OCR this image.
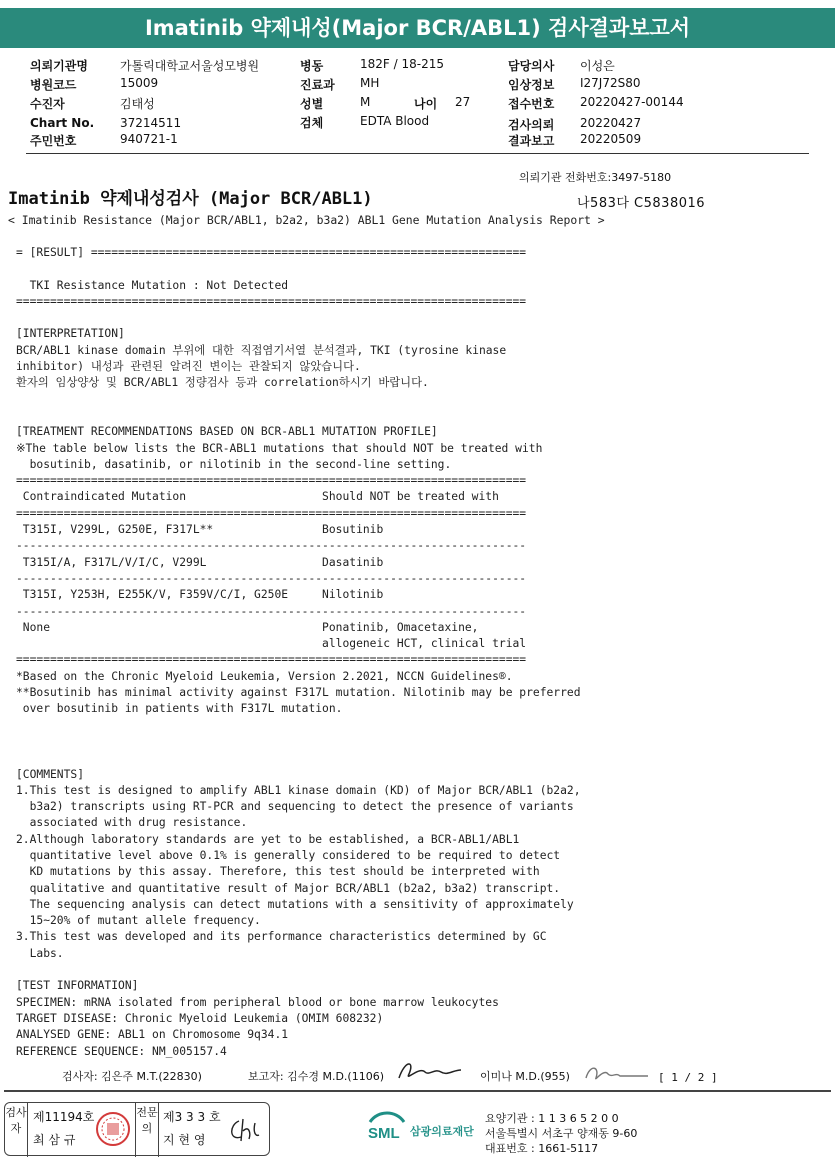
Imatinib 약제내성(Major BCR/ABL1) 검사결과보고서
의뢰기관명	가톨릭대학교서울성모병원
병원코드	15009
수진자	김태성
Chart No. 37214511
주민번호	940721-1
병동	182F / 18-215
진료과 MH
성별	M	나이 27
검체	EDTA Blood
담당의사 이성은
임상정보 I27J72S80
접수번호 20220427-00144
검사의뢰 20220427
결과보고 20220509
의뢰기관 전화번호:3497-5180
Imatinib 약제내성검사 (Major BCR/ABL1)	나583다 C5838016
< Imatinib Resistance (Major BCR/ABL1, b2a2, b3a2) ABL1 Gene Mutation Analysis Report >
= [RESULT] ================================================================

TKI Resistance Mutation : Not Detected
===========================================================================

[INTERPRETATION]
BCR/ABL1 kinase domain 부위에 대한 직접염기서열 분석결과, TKI (tyrosine kinase
inhibitor) 내성과 관련된 알려진 변이는 관찰되지 않았습니다.
환자의 임상양상 및 BCR/ABL1 정량검사 등과 correlation하시기 바랍니다.

[TREATMENT RECOMMENDATIONS BASED ON BCR-ABL1 MUTATION PROFILE]
※The table below lists the BCR-ABL1 mutations that should NOT be treated with
bosutinib, dasatinib, or nilotinib in the second-line setting.
===========================================================================
Contraindicated Mutation                    Should NOT be treated with
===========================================================================
T315I, V299L, G250E, F317L**                Bosutinib
---------------------------------------------------------------------------
T315I/A, F317L/V/I/C, V299L                 Dasatinib
---------------------------------------------------------------------------
T315I, Y253H, E255K/V, F359V/C/I, G250E     Nilotinib
---------------------------------------------------------------------------
None                                        Ponatinib, Omacetaxine,
allogeneic HCT, clinical trial
===========================================================================
*Based on the Chronic Myeloid Leukemia, Version 2.2021, NCCN Guidelines®.
**Bosutinib has minimal activity against F317L mutation. Nilotinib may be preferred
over bosutinib in patients with F317L mutation.

[COMMENTS]
1.This test is designed to amplify ABL1 kinase domain (KD) of Major BCR/ABL1 (b2a2,
b3a2) transcripts using RT-PCR and sequencing to detect the presence of variants
associated with drug resistance.
2.Although laboratory standards are yet to be established, a BCR-ABL1/ABL1
quantitative level above 0.1% is generally considered to be required to detect
KD mutations by this assay. Therefore, this test should be interpreted with
qualitative and quantitative result of Major BCR/ABL1 (b2a2, b3a2) transcript.
The sequencing analysis can detect mutations with a sensitivity of approximately
15~20% of mutant allele frequency.
3.This test was developed and its performance characteristics determined by GC
Labs.

[TEST INFORMATION]
SPECIMEN: mRNA isolated from peripheral blood or bone marrow leukocytes
TARGET DISEASE: Chronic Myeloid Leukemia (OMIM 608232)
ANALYSED GENE: ABL1 on Chromosome 9q34.1
REFERENCE SEQUENCE: NM_005157.4
검사자: 김은주 M.T.(22830)	보고자: 김수경 M.D.(1106)	이미나 M.D.(955)	[ 1 / 2 ]
검사자
제11194호
최 삼 규
전문의
제3 3 3 호
지 현 영	SML 삼광의료재단
요양기관 : 1 1 3 6 5 2 0 0
서울특별시 서초구 양재동 9-60
대표번호 : 1661-5117
